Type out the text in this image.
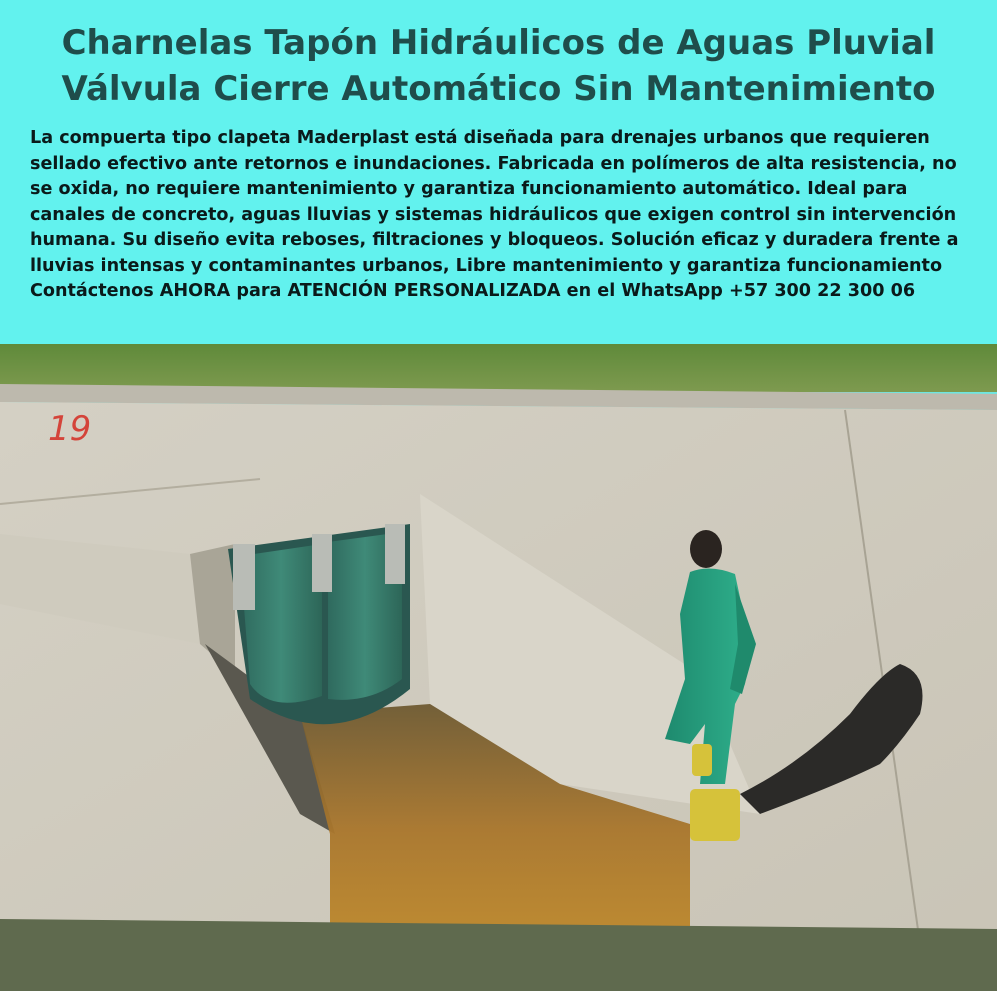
Charnelas Tapón Hidráulicos de Aguas Pluvial
Válvula Cierre Automático Sin Mantenimiento
La compuerta tipo clapeta Maderplast está diseñada para drenajes urbanos que requieren
sellado efectivo ante retornos e inundaciones. Fabricada en polímeros de alta resistencia, no
se oxida, no requiere mantenimiento y garantiza funcionamiento automático. Ideal para
canales de concreto, aguas lluvias y sistemas hidráulicos que exigen control sin intervención
humana. Su diseño evita reboses, filtraciones y bloqueos. Solución eficaz y duradera frente a
lluvias intensas y contaminantes urbanos, Libre mantenimiento y garantiza funcionamiento
Contáctenos AHORA para ATENCIÓN PERSONALIZADA en el WhatsApp +57 300 22 300 06
19
